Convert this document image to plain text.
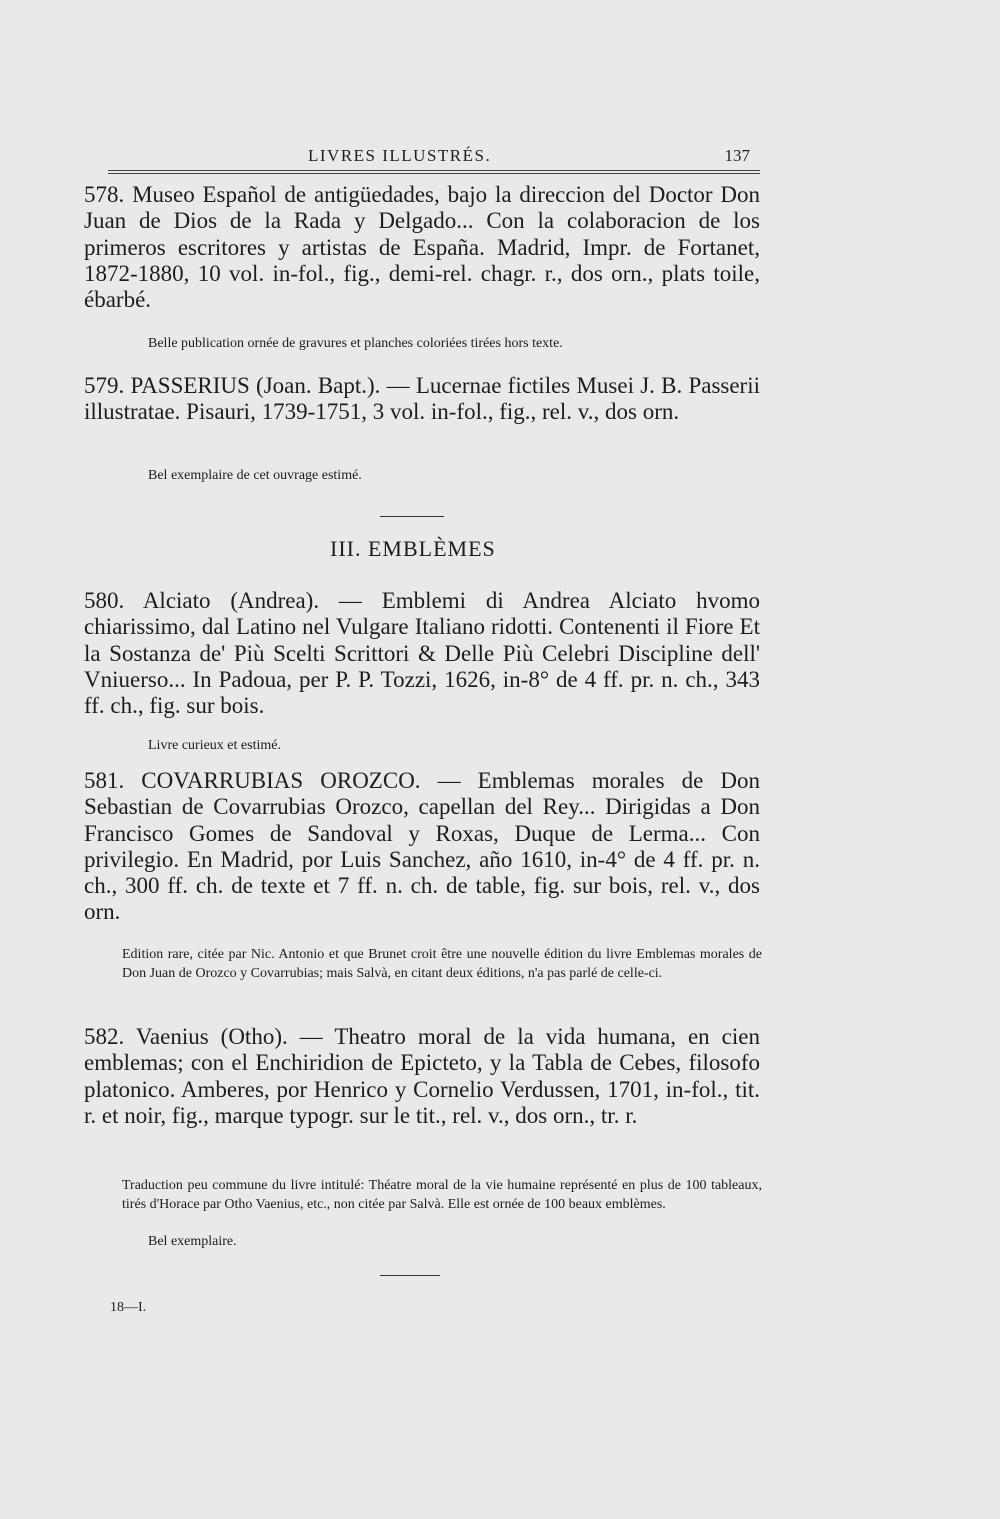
LIVRES ILLUSTRÉS.	137
578. Museo Español de antigüedades, bajo la direccion del Doctor Don Juan de Dios de la Rada y Delgado... Con la colaboracion de los primeros escritores y artistas de España. Madrid, Impr. de Fortanet, 1872-1880, 10 vol. in-fol., fig., demi-rel. chagr. r., dos orn., plats toile, ébarbé.
Belle publication ornée de gravures et planches coloriées tirées hors texte.
579. PASSERIUS (Joan. Bapt.). — Lucernae fictiles Musei J. B. Passerii illustratae. Pisauri, 1739-1751, 3 vol. in-fol., fig., rel. v., dos orn.
Bel exemplaire de cet ouvrage estimé.
III. EMBLÈMES
580. Alciato (Andrea). — Emblemi di Andrea Alciato hvomo chiarissimo, dal Latino nel Vulgare Italiano ridotti. Contenenti il Fiore Et la Sostanza de' Più Scelti Scrittori & Delle Più Celebri Discipline dell' Vniuerso... In Padoua, per P. P. Tozzi, 1626, in-8° de 4 ff. pr. n. ch., 343 ff. ch., fig. sur bois.
Livre curieux et estimé.
581. COVARRUBIAS OROZCO. — Emblemas morales de Don Sebastian de Covarrubias Orozco, capellan del Rey... Dirigidas a Don Francisco Gomes de Sandoval y Roxas, Duque de Lerma... Con privilegio. En Madrid, por Luis Sanchez, año 1610, in-4° de 4 ff. pr. n. ch., 300 ff. ch. de texte et 7 ff. n. ch. de table, fig. sur bois, rel. v., dos orn.
Edition rare, citée par Nic. Antonio et que Brunet croit être une nouvelle édition du livre Emblemas morales de Don Juan de Orozco y Covarrubias; mais Salvà, en citant deux éditions, n'a pas parlé de celle-ci.
582. Vaenius (Otho). — Theatro moral de la vida humana, en cien emblemas; con el Enchiridion de Epicteto, y la Tabla de Cebes, filosofo platonico. Amberes, por Henrico y Cornelio Verdussen, 1701, in-fol., tit. r. et noir, fig., marque typogr. sur le tit., rel. v., dos orn., tr. r.
Traduction peu commune du livre intitulé: Théatre moral de la vie humaine représenté en plus de 100 tableaux, tirés d'Horace par Otho Vaenius, etc., non citée par Salvà. Elle est ornée de 100 beaux emblèmes.
Bel exemplaire.
18—I.
